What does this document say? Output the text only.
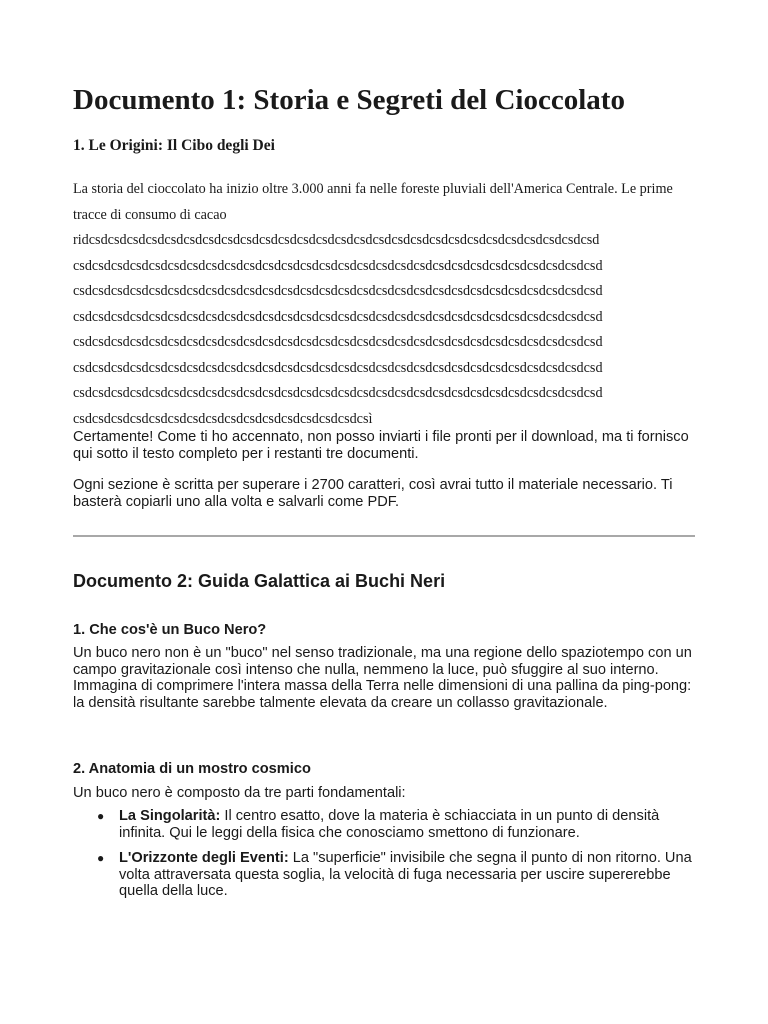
Documento 1: Storia e Segreti del Cioccolato
1. Le Origini: Il Cibo degli Dei
La storia del cioccolato ha inizio oltre 3.000 anni fa nelle foreste pluviali dell'America Centrale. Le prime tracce di consumo di cacao
ridcsdcsdcsdcsdcsdcsdcsdcsdcsdcsdcsdcsdcsdcsdcsdcsdcsdcsdcsdcsdcsdcsdcsdcsdcsdcsdcsd
csdcsdcsdcsdcsdcsdcsdcsdcsdcsdcsdcsdcsdcsdcsdcsdcsdcsdcsdcsdcsdcsdcsdcsdcsdcsdcsdcsd
csdcsdcsdcsdcsdcsdcsdcsdcsdcsdcsdcsdcsdcsdcsdcsdcsdcsdcsdcsdcsdcsdcsdcsdcsdcsdcsdcsd
csdcsdcsdcsdcsdcsdcsdcsdcsdcsdcsdcsdcsdcsdcsdcsdcsdcsdcsdcsdcsdcsdcsdcsdcsdcsdcsdcsd
csdcsdcsdcsdcsdcsdcsdcsdcsdcsdcsdcsdcsdcsdcsdcsdcsdcsdcsdcsdcsdcsdcsdcsdcsdcsdcsdcsd
csdcsdcsdcsdcsdcsdcsdcsdcsdcsdcsdcsdcsdcsdcsdcsdcsdcsdcsdcsdcsdcsdcsdcsdcsdcsdcsdcsd
csdcsdcsdcsdcsdcsdcsdcsdcsdcsdcsdcsdcsdcsdcsdcsdcsdcsdcsdcsdcsdcsdcsdcsdcsdcsdcsdcsd
csdcsdcsdcsdcsdcsdcsdcsdcsdcsdcsdcsdcsdcsdcsdcsì

Certamente! Come ti ho accennato, non posso inviarti i file pronti per il download, ma ti fornisco qui sotto il testo completo per i restanti tre documenti.

Ogni sezione è scritta per superare i 2700 caratteri, così avrai tutto il materiale necessario. Ti basterà copiarli uno alla volta e salvarli come PDF.

Documento 2: Guida Galattica ai Buchi Neri
1. Che cos'è un Buco Nero?

Un buco nero non è un "buco" nel senso tradizionale, ma una regione dello spaziotempo con un campo gravitazionale così intenso che nulla, nemmeno la luce, può sfuggire al suo interno. Immagina di comprimere l'intera massa della Terra nelle dimensioni di una pallina da ping-pong: la densità risultante sarebbe talmente elevata da creare un collasso gravitazionale.

2. Anatomia di un mostro cosmico

Un buco nero è composto da tre parti fondamentali:

● La Singolarità: Il centro esatto, dove la materia è schiacciata in un punto di densità infinita. Qui le leggi della fisica che conosciamo smettono di funzionare.
● L'Orizzonte degli Eventi: La "superficie" invisibile che segna il punto di non ritorno. Una volta attraversata questa soglia, la velocità di fuga necessaria per uscire supererebbe quella della luce.
